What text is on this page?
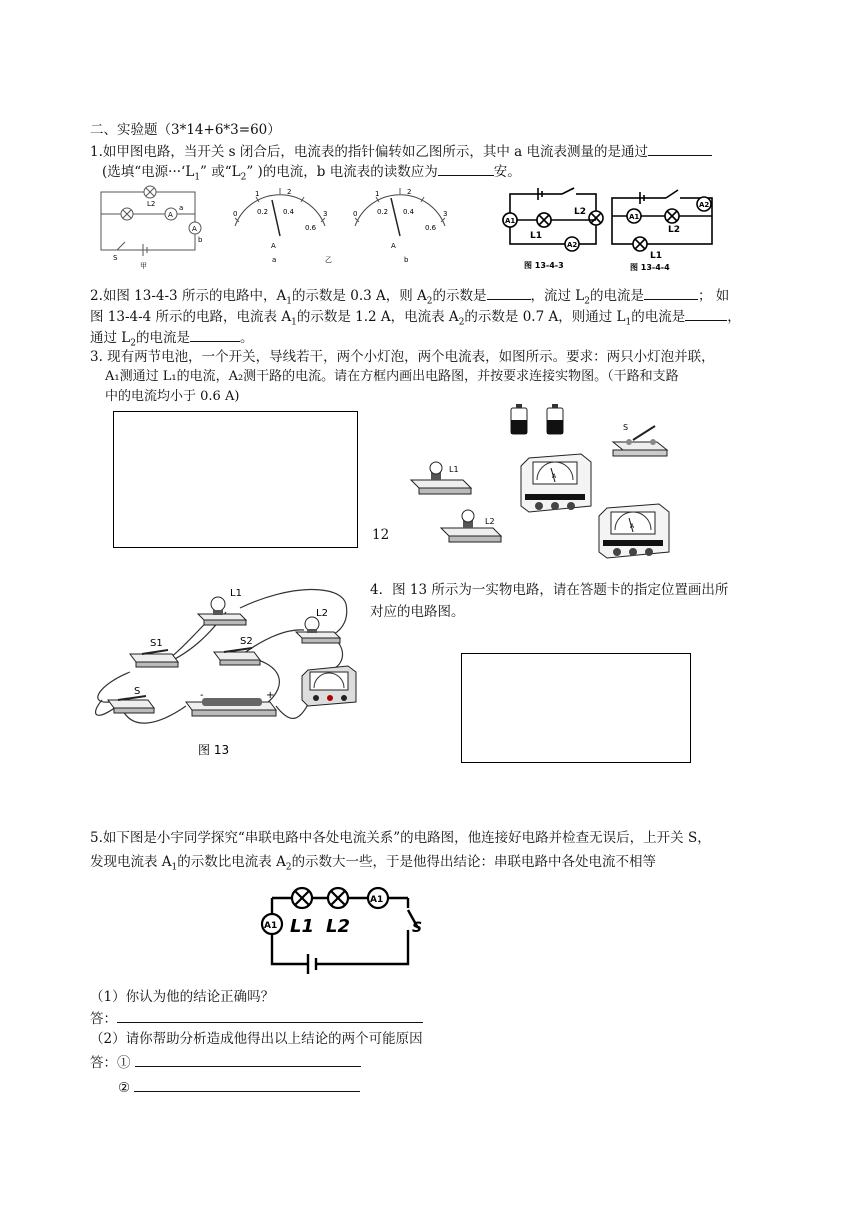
二、实验题（3*14+6*3=60）
1.如甲图电路，当开关 s 闭合后，电流表的指针偏转如乙图所示，其中 a 电流表测量的是通过
(选填“电源$\cdot\cdot\cdot‘L_1$” 或“$L_2$” )的电流，b 电流表的读数应为	安。
A
A
L2	a
b
S
甲
0
1
0.2
2
0.4	3
0.6
A
a
0
1
0.2
2
0.4	3
0.6
A
b
乙
A1
A2
L1
L2
图 13-4-3
A1
A2
L1
L2
图 13-4-4
2.如图 13-4-3 所示的电路中，$A_1$的示数是 0.3 A，则 $A_2$的示数是	，流过 $L_2$的电流是	； 如
图 13-4-4 所示的电路，电流表 $A_1$的示数是 1.2 A，电流表 $A_2$的示数是 0.7 A，则通过 $L_1$的电流是	，
通过 $L_2$的电流是	。
3. 现有两节电池，一个开关，导线若干，两个小灯泡，两个电流表，如图所示。要求：两只小灯泡并联，
A₁测通过 L₁的电流，A₂测干路的电流。请在方框内画出电路图，并按要求连接实物图。（干路和支路
中的电流均小于 0.6 A)
12
S
L1
L2
A
A
L1
L2
S1	S2
S	+
-
图 13
4．图 13 所示为一实物电路，请在答题卡的指定位置画出所
对应的电路图。
5.如下图是小宇同学探究“串联电路中各处电流关系”的电路图，他连接好电路并检查无误后，上开关 S，
发现电流表 $A_1$的示数比电流表 $A_2$的示数大一些，于是他得出结论：串联电路中各处电流不相等
A1
A1
L1 L2	S
（1）你认为他的结论正确吗？
答：
（2）请你帮助分析造成他得出以上结论的两个可能原因
答：①
②
